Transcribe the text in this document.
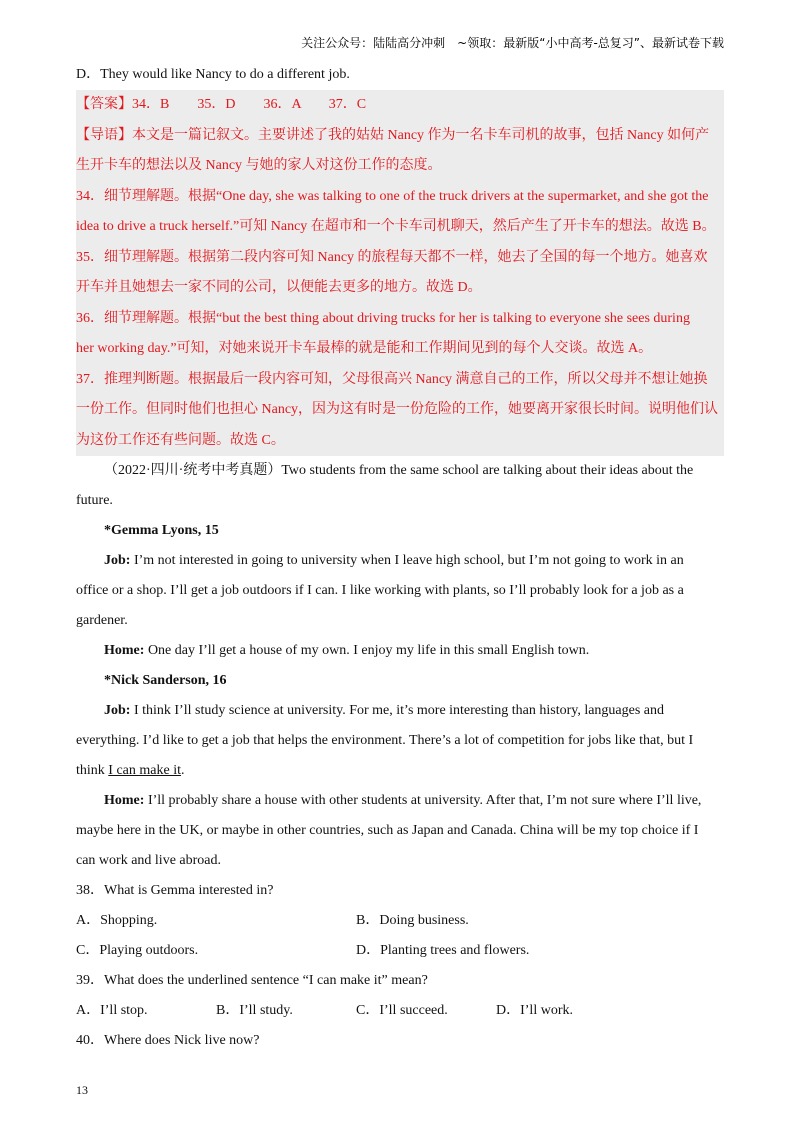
关注公众号：陆陆高分冲刺　~领取：最新版“小中高考-总复习”、最新试卷下载
D．They would like Nancy to do a different job.
【答案】34．B　　35．D　　36．A　　37．C
【导语】本文是一篇记叙文。主要讲述了我的姑姑 Nancy 作为一名卡车司机的故事，包括 Nancy 如何产
生开卡车的想法以及 Nancy 与她的家人对这份工作的态度。
34．细节理解题。根据“One day, she was talking to one of the truck drivers at the supermarket, and she got the
idea to drive a truck herself.”可知 Nancy 在超市和一个卡车司机聊天，然后产生了开卡车的想法。故选 B。
35．细节理解题。根据第二段内容可知 Nancy 的旅程每天都不一样，她去了全国的每一个地方。她喜欢
开车并且她想去一家不同的公司，以便能去更多的地方。故选 D。
36．细节理解题。根据“but the best thing about driving trucks for her is talking to everyone she sees during
her working day.”可知，对她来说开卡车最棒的就是能和工作期间见到的每个人交谈。故选 A。
37．推理判断题。根据最后一段内容可知，父母很高兴 Nancy 满意自己的工作，所以父母并不想让她换
一份工作。但同时他们也担心 Nancy，因为这有时是一份危险的工作，她要离开家很长时间。说明他们认
为这份工作还有些问题。故选 C。
（2022·四川·统考中考真题）Two students from the same school are talking about their ideas about the
future.
*Gemma Lyons, 15
Job: I’m not interested in going to university when I leave high school, but I’m not going to work in an
office or a shop. I’ll get a job outdoors if I can. I like working with plants, so I’ll probably look for a job as a
gardener.
Home: One day I’ll get a house of my own. I enjoy my life in this small English town.
*Nick Sanderson, 16
Job: I think I’ll study science at university. For me, it’s more interesting than history, languages and
everything. I’d like to get a job that helps the environment. There’s a lot of competition for jobs like that, but I
think I can make it.
Home: I’ll probably share a house with other students at university. After that, I’m not sure where I’ll live,
maybe here in the UK, or maybe in other countries, such as Japan and Canada. China will be my top choice if I
can work and live abroad.
38．What is Gemma interested in?
A．Shopping.	B．Doing business.
C．Playing outdoors.	D．Planting trees and flowers.
39．What does the underlined sentence “I can make it” mean?
A．I’ll stop.	B．I’ll study.	C．I’ll succeed.	D．I’ll work.
40．Where does Nick live now?
13
